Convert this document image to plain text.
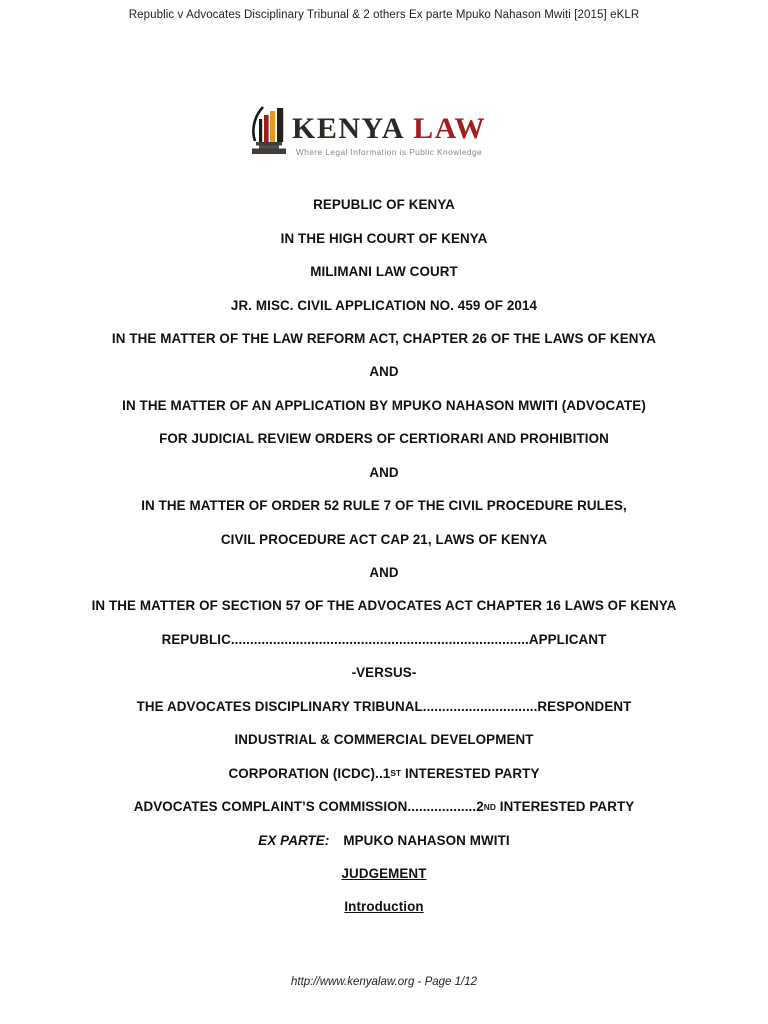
Republic v Advocates Disciplinary Tribunal & 2 others Ex parte Mpuko Nahason Mwiti [2015] eKLR
KENYA LAW
Where Legal Information is Public Knowledge
REPUBLIC OF KENYA
IN THE HIGH COURT OF KENYA
MILIMANI LAW COURT
JR. MISC. CIVIL APPLICATION NO. 459 OF 2014
IN THE MATTER OF THE LAW REFORM ACT, CHAPTER 26 OF THE LAWS OF KENYA
AND
IN THE MATTER OF AN APPLICATION BY MPUKO NAHASON MWITI (ADVOCATE)
FOR JUDICIAL REVIEW ORDERS OF CERTIORARI AND PROHIBITION
AND
IN THE MATTER OF ORDER 52 RULE 7 OF THE CIVIL PROCEDURE RULES,
CIVIL PROCEDURE ACT CAP 21, LAWS OF KENYA
AND
IN THE MATTER OF SECTION 57 OF THE ADVOCATES ACT CHAPTER 16 LAWS OF KENYA
REPUBLIC..............................................................................APPLICANT
-VERSUS-
THE ADVOCATES DISCIPLINARY TRIBUNAL..............................RESPONDENT
INDUSTRIAL & COMMERCIAL DEVELOPMENT
CORPORATION (ICDC)..1 ST INTERESTED PARTY
ADVOCATES COMPLAINT’S COMMISSION..................2 ND INTERESTED PARTY
EX PARTE: MPUKO NAHASON MWITI
JUDGEMENT
Introduction
http://www.kenyalaw.org - Page 1/12
